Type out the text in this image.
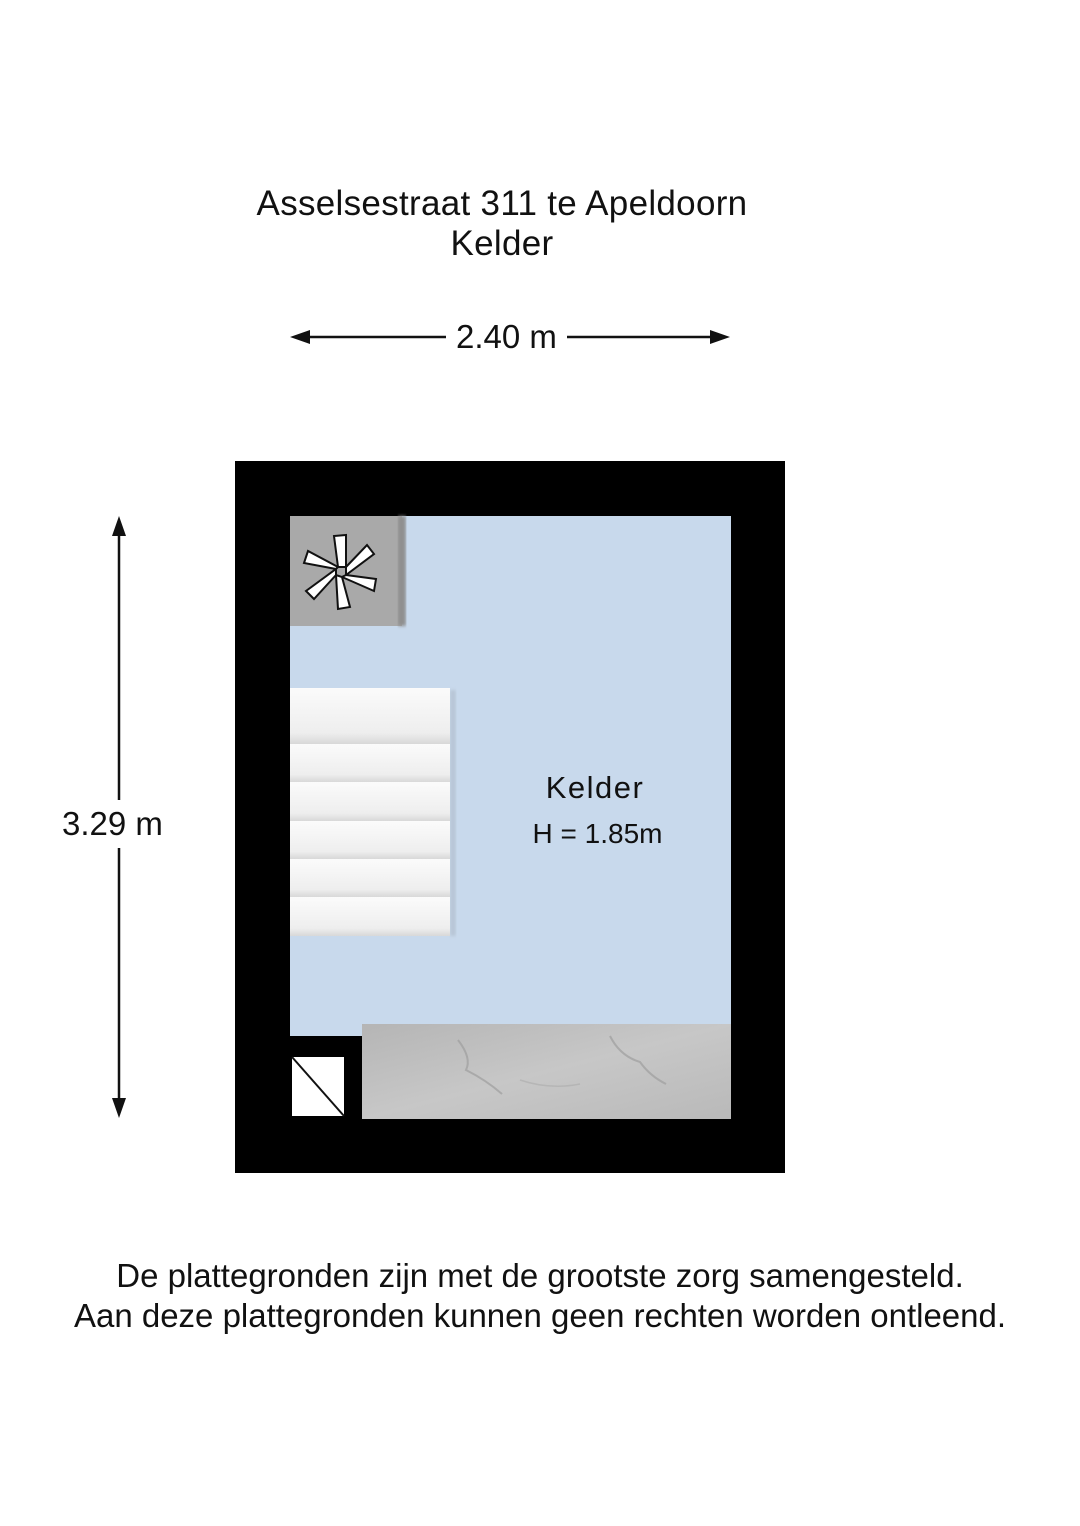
Asselsestraat 311 te Apeldoorn
Kelder
2.40 m
3.29 m
Kelder
H = 1.85m
De plattegronden zijn met de grootste zorg samengesteld.
Aan deze plattegronden kunnen geen rechten worden ontleend.
